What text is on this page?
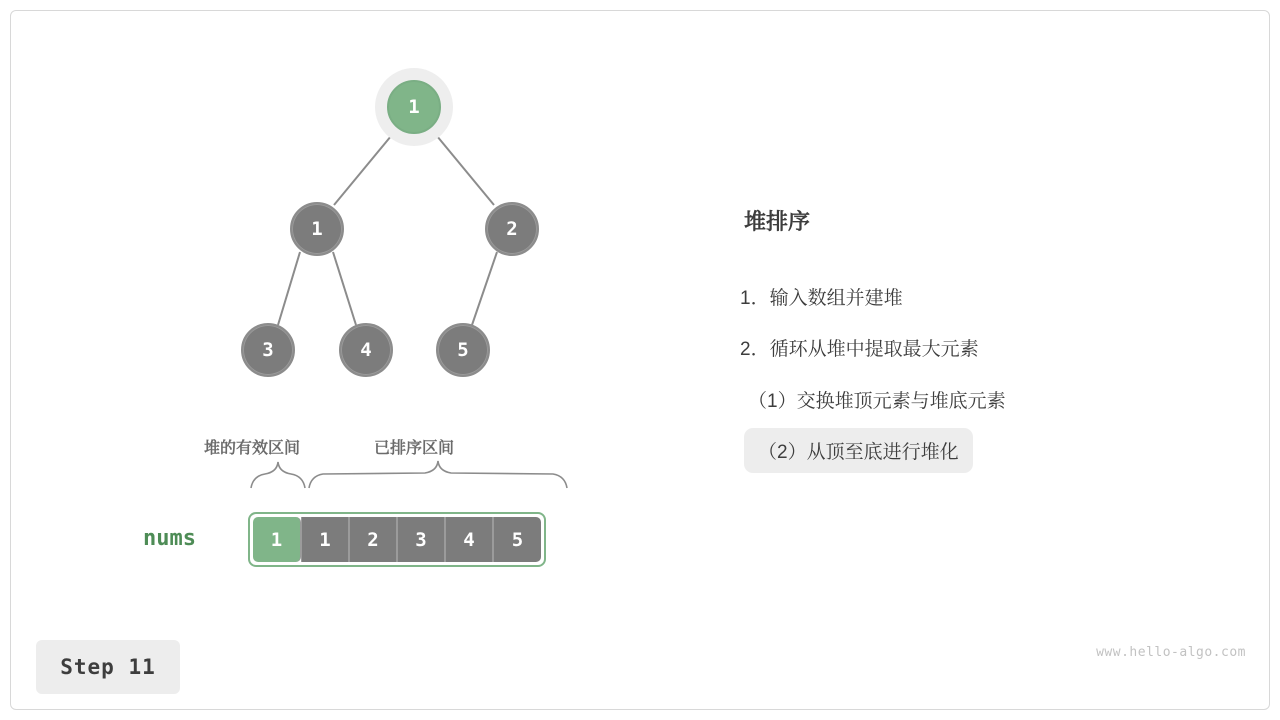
1
1	2
3	4	5
堆的有效区间	已排序区间
nums	1	1	2	3	4	5
堆排序
1．输入数组并建堆
2．循环从堆中提取最大元素
（1）交换堆顶元素与堆底元素
（2）从顶至底进行堆化
Step 11
www.hello-algo.com
